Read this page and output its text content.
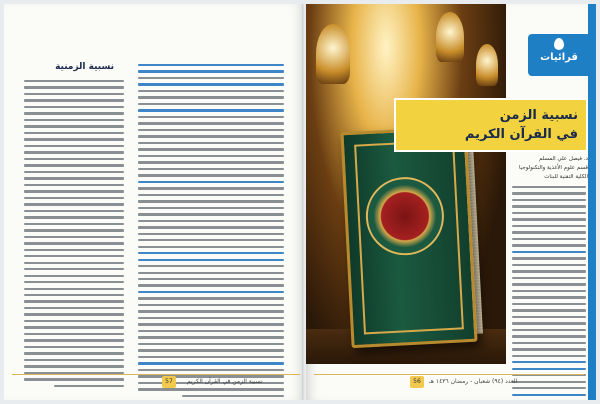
نسبية الزمنية
57	نسبية الزمن في القرآن الكريم
قرائيات
نسبية الزمن
في القرآن الكريم
د. فيصل علي المسلم
قسم علوم الأغذية والتكنولوجيا
الكلية التقنية للبنات
العدد (٩٤) شعبان - رمضان ١٤٣٦ هـ
56
